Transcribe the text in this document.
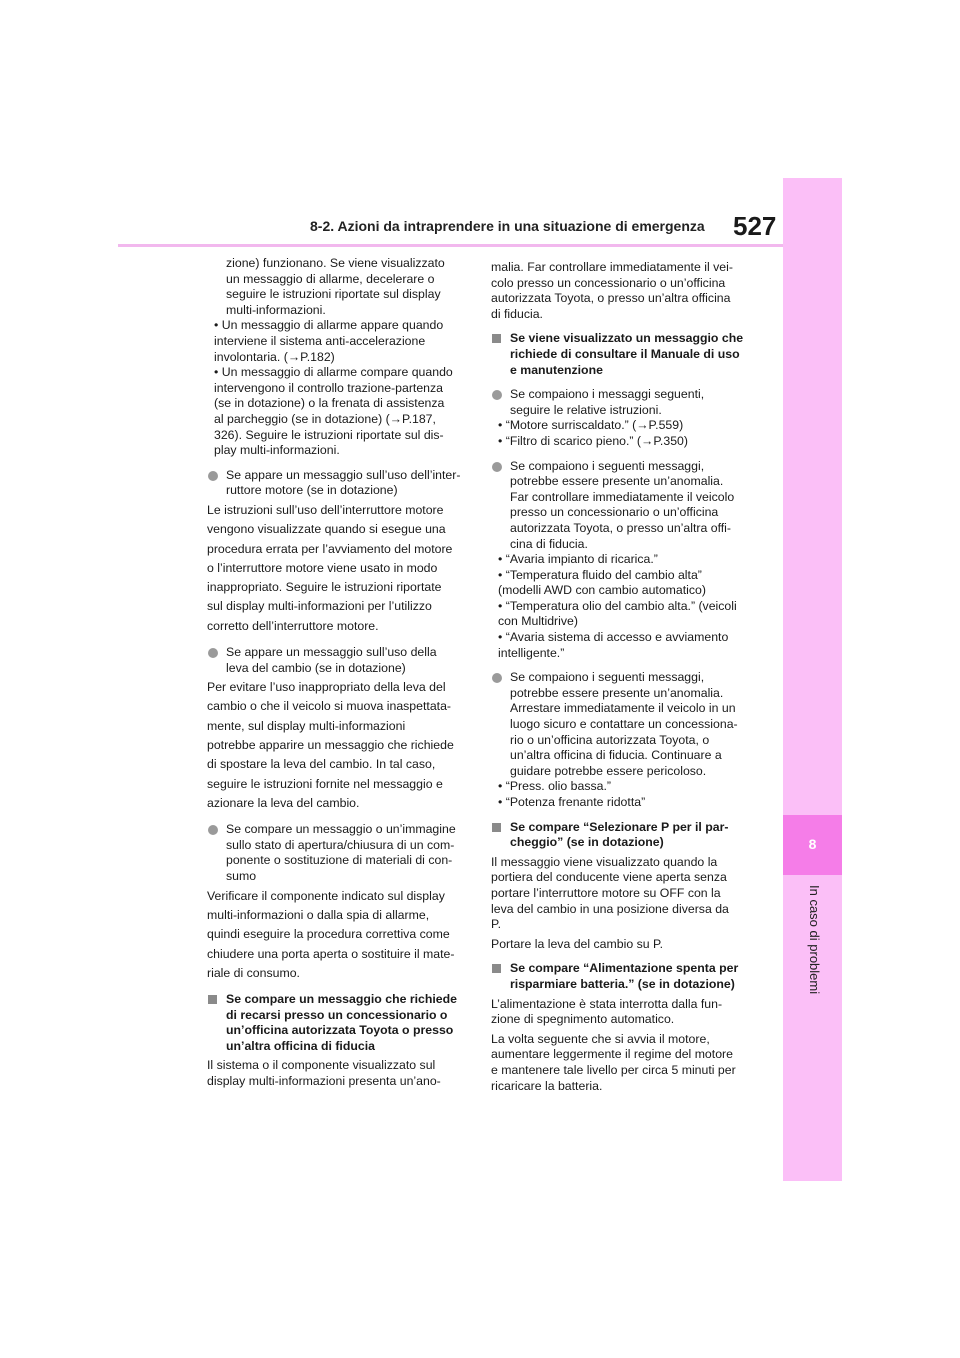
8-2. Azioni da intraprendere in una situazione di emergenza 527
8
In caso di problemi
zione) funzionano. Se viene visualizzato
un messaggio di allarme, decelerare o
seguire le istruzioni riportate sul display
multi-informazioni.
• Un messaggio di allarme appare quando
interviene il sistema anti-accelerazione
involontaria. (→P.182)
• Un messaggio di allarme compare quando
intervengono il controllo trazione-partenza
(se in dotazione) o la frenata di assistenza
al parcheggio (se in dotazione) (→P.187,
326). Seguire le istruzioni riportate sul dis-
play multi-informazioni.
Se appare un messaggio sull’uso dell’inter-
ruttore motore (se in dotazione)
Le istruzioni sull’uso dell’interruttore motore
vengono visualizzate quando si esegue una
procedura errata per l’avviamento del motore
o l’interruttore motore viene usato in modo
inappropriato. Seguire le istruzioni riportate
sul display multi-informazioni per l’utilizzo
corretto dell’interruttore motore.
Se appare un messaggio sull’uso della
leva del cambio (se in dotazione)
Per evitare l’uso inappropriato della leva del
cambio o che il veicolo si muova inaspettata-
mente, sul display multi-informazioni
potrebbe apparire un messaggio che richiede
di spostare la leva del cambio. In tal caso,
seguire le istruzioni fornite nel messaggio e
azionare la leva del cambio.
Se compare un messaggio o un’immagine
sullo stato di apertura/chiusura di un com-
ponente o sostituzione di materiali di con-
sumo
Verificare il componente indicato sul display
multi-informazioni o dalla spia di allarme,
quindi eseguire la procedura correttiva come
chiudere una porta aperta o sostituire il mate-
riale di consumo.
Se compare un messaggio che richiede
di recarsi presso un concessionario o
un’officina autorizzata Toyota o presso
un’altra officina di fiducia
Il sistema o il componente visualizzato sul
display multi-informazioni presenta un’ano-
malia. Far controllare immediatamente il vei-
colo presso un concessionario o un’officina
autorizzata Toyota, o presso un’altra officina
di fiducia.
Se viene visualizzato un messaggio che
richiede di consultare il Manuale di uso
e manutenzione
Se compaiono i messaggi seguenti,
seguire le relative istruzioni.
• “Motore surriscaldato.” (→P.559)
• “Filtro di scarico pieno.” (→P.350)
Se compaiono i seguenti messaggi,
potrebbe essere presente un’anomalia.
Far controllare immediatamente il veicolo
presso un concessionario o un’officina
autorizzata Toyota, o presso un’altra offi-
cina di fiducia.
• “Avaria impianto di ricarica.”
• “Temperatura fluido del cambio alta”
(modelli AWD con cambio automatico)
• “Temperatura olio del cambio alta.” (veicoli
con Multidrive)
• “Avaria sistema di accesso e avviamento
intelligente.”
Se compaiono i seguenti messaggi,
potrebbe essere presente un’anomalia.
Arrestare immediatamente il veicolo in un
luogo sicuro e contattare un concessiona-
rio o un’officina autorizzata Toyota, o
un’altra officina di fiducia. Continuare a
guidare potrebbe essere pericoloso.
• “Press. olio bassa.”
• “Potenza frenante ridotta”
Se compare “Selezionare P per il par-
cheggio” (se in dotazione)
Il messaggio viene visualizzato quando la
portiera del conducente viene aperta senza
portare l’interruttore motore su OFF con la
leva del cambio in una posizione diversa da
P.
Portare la leva del cambio su P.
Se compare “Alimentazione spenta per
risparmiare batteria.” (se in dotazione)
L’alimentazione è stata interrotta dalla fun-
zione di spegnimento automatico.
La volta seguente che si avvia il motore,
aumentare leggermente il regime del motore
e mantenere tale livello per circa 5 minuti per
ricaricare la batteria.
